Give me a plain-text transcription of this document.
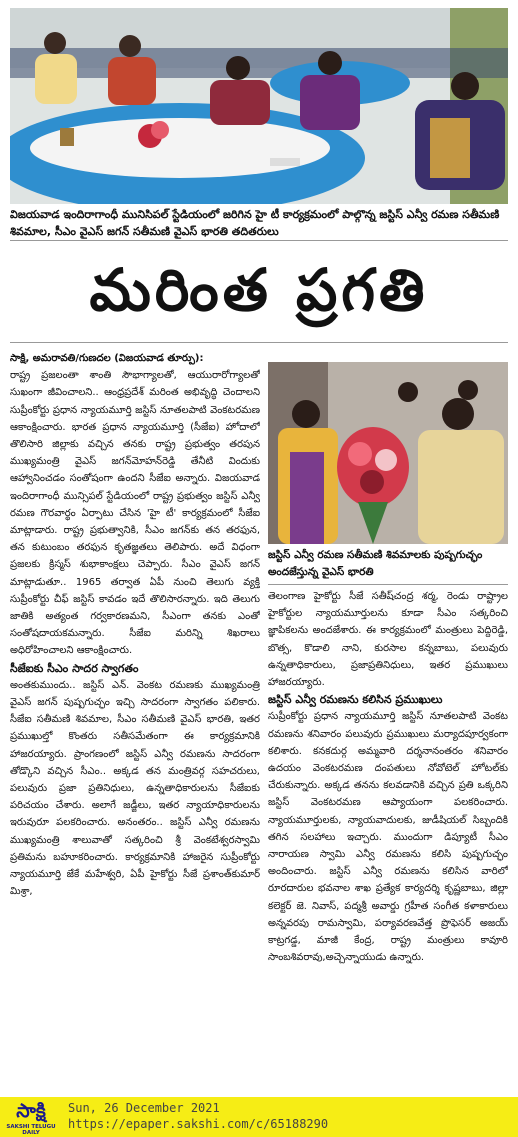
విజయవాడ ఇందిరాగాంధీ మునిసిపల్ స్టేడియంలో జరిగిన హై టీ కార్యక్రమంలో పాల్గొన్న జస్టిస్ ఎన్వీ రమణ సతీమణి శివమాల, సీఎం వైఎస్ జగన్ సతీమణి వైఎస్ భారతి తదితరులు
మరింత ప్రగతి

సాక్షి, అమరావతి/గుణదల (విజయవాడ తూర్పు):

రాష్ట్ర ప్రజలంతా శాంతి సౌభాగ్యాలతో, ఆయురారోగ్యాలతో సుఖంగా జీవించాలని.. ఆంధ్రప్రదేశ్ మరింత అభివృద్ధి చెందాలని సుప్రీంకోర్టు ప్రధాన న్యాయమూర్తి జస్టిస్ నూతలపాటి వెంకటరమణ ఆకాంక్షించారు. భారత ప్రధాన న్యాయమూర్తి (సీజేఐ) హోదాలో తొలిసారి జిల్లాకు వచ్చిన తనకు రాష్ట్ర ప్రభుత్వం తరపున ముఖ్యమంత్రి వైఎస్ జగన్‌మోహన్‌రెడ్డి తేనీటి విందుకు ఆహ్వానించడం సంతోషంగా ఉందని సీజేఐ అన్నారు. విజయవాడ ఇందిరాగాంధీ మున్సిపల్ స్టేడియంలో రాష్ట్ర ప్రభుత్వం జస్టిస్ ఎన్వీ రమణ గౌరవార్థం ఏర్పాటు చేసిన 'హై టీ' కార్యక్రమంలో సీజేఐ మాట్లాడారు. రాష్ట్ర ప్రభుత్వానికి, సీఎం జగన్‌కు తన తరఫున, తన కుటుంబం తరఫున కృతజ్ఞతలు తెలిపారు. అదే విధంగా ప్రజలకు క్రిస్మస్ శుభాకాంక్షలు చెప్పారు. సీఎం వైఎస్ జగన్ మాట్లాడుతూ.. 1965 తర్వాత ఏపీ నుంచి తెలుగు వ్యక్తి సుప్రీంకోర్టు చీఫ్ జస్టిస్ కావడం ఇదే తొలిసారన్నారు. ఇది తెలుగు జాతికి అత్యంత గర్వకారణమని, సీఎంగా తనకు ఎంతో సంతోషదాయకమన్నారు. సీజేఐ మరిన్ని శిఖరాలు అధిరోహించాలని ఆకాంక్షించారు.

సీజేఐకు సీఎం సాదర స్వాగతం

అంతకుముందు.. జస్టిస్ ఎన్. వెంకట రమణకు ముఖ్యమంత్రి వైఎస్ జగన్ పుష్పగుచ్ఛం ఇచ్చి సాదరంగా స్వాగతం పలికారు. సీజేఐ సతీమణి శివమాల, సీఎం సతీమణి వైఎస్ భారతి, ఇతర ప్రముఖుల్తో కొంతరు సతీసమేతంగా ఈ కార్యక్రమానికి హాజరయ్యారు. ప్రాంగణంలో జస్టిస్ ఎన్వీ రమణను సాదరంగా తోడ్కొని వచ్చిన సీఎం.. అక్కడ తన మంత్రివర్గ సహచరులు, పలువురు ప్రజా ప్రతినిధులు, ఉన్నతాధికారులను సీజేఐకు పరిచయం చేశారు. అలాగే జడ్జీలు, ఇతర న్యాయాధికారులను ఇరువురూ పలకరించారు. అనంతరం.. జస్టిస్ ఎన్వీ రమణను ముఖ్యమంత్రి శాలువాతో సత్కరించి శ్రీ వెంకటేశ్వరస్వామి ప్రతిమను బహూకరించారు. కార్యక్రమానికి హాజరైన సుప్రీంకోర్టు న్యాయమూర్తి జేకే మహేశ్వరి, ఏపీ హైకోర్టు సీజే ప్రశాంత్‌కుమార్ మిశ్రా,

జస్టిస్ ఎన్వీ రమణ సతీమణి శివమాలకు పుష్పగుచ్ఛం అందజేస్తున్న వైఎస్ భారతి

తెలంగాణ హైకోర్టు సీజే సతీష్‌చంద్ర శర్మ, రెండు రాష్ట్రాల హైకోర్టుల న్యాయమూర్తులను కూడా సీఎం సత్కరించి జ్ఞాపికలను అందజేశారు. ఈ కార్యక్రమంలో మంత్రులు పెద్దిరెడ్డి, బొత్స, కొడాలి నాని, కురసాల కన్నబాబు, పలువురు ఉన్నతాధికారులు, ప్రజాప్రతినిధులు, ఇతర ప్రముఖులు హాజరయ్యారు.

జస్టిస్ ఎన్వీ రమణను కలిసిన ప్రముఖులు

సుప్రీంకోర్టు ప్రధాన న్యాయమూర్తి జస్టిస్ నూతలపాటి వెంకట రమణను శనివారం పలువురు ప్రముఖులు మర్యాదపూర్వకంగా కలిశారు. కనకదుర్గ అమ్మవారి దర్శనానంతరం శనివారం ఉదయం వెంకటరమణ దంపతులు నోవోటెల్ హోటల్‌కు చేరుకున్నారు. అక్కడ తనను కలవడానికి వచ్చిన ప్రతి ఒక్కరిని జస్టిస్ వెంకటరమణ ఆప్యాయంగా పలకరించారు. న్యాయమూర్తులకు, న్యాయవాదులకు, జుడీషియల్ సిబ్బందికి తగిన సలహాలు ఇచ్చారు. ముందుగా డిప్యూటీ సీఎం నారాయణ స్వామి ఎన్వీ రమణను కలిసి పుష్పగుచ్ఛం అందించారు. జస్టిస్ ఎన్వీ రమణను కలిసిన వారిలో రూరదారుల భవనాల శాఖ ప్రత్యేక కార్యదర్శి కృష్ణబాబు, జిల్లా కలెక్టర్ జె. నివాస్, పద్మశ్రీ అవార్డు గ్రహీత సంగీత కళాకారులు అన్నవరపు రామస్వామి, పర్యావరణవేత్త ప్రొఫెసర్ అజయ్ కాట్రగడ్డ, మాజీ కేంద్ర, రాష్ట్ర మంత్రులు కావూరి సాంబశివరావు,అచ్చెన్నాయుడు ఉన్నారు.

సాక్షి
SAKSHI TELUGU DAILY
Sun, 26 December 2021
https://epaper.sakshi.com/c/65188290
